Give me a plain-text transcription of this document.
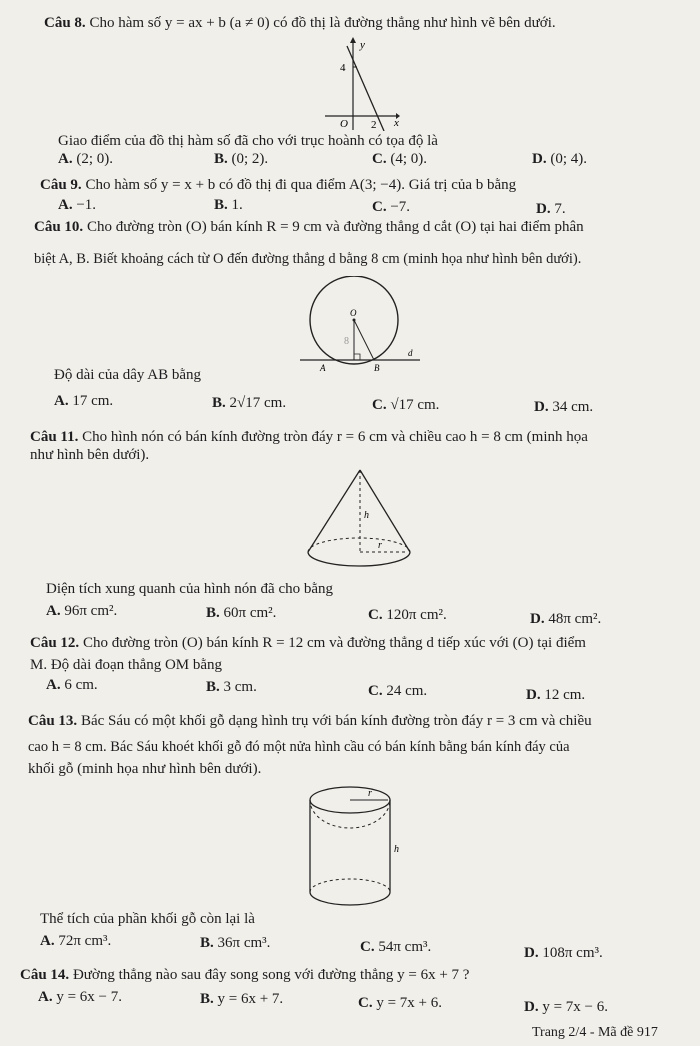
Câu 8. Cho hàm số y = ax + b (a ≠ 0) có đồ thị là đường thẳng như hình vẽ bên dưới.
y
4
O 2 x
Giao điểm của đồ thị hàm số đã cho với trục hoành có tọa độ là
A. (2; 0).	B. (0; 2).	C. (4; 0).	D. (0; 4).
Câu 9. Cho hàm số y = x + b có đồ thị đi qua điểm A(3; −4). Giá trị của b bằng
A. −1.	B. 1.	C. −7.	D. 7.
Câu 10. Cho đường tròn (O) bán kính R = 9 cm và đường thẳng d cắt (O) tại hai điểm phân
biệt A, B. Biết khoảng cách từ O đến đường thẳng d bằng 8 cm (minh họa như hình bên dưới).
O
8
A	B
d
Độ dài của dây AB bằng
A. 17 cm.	B. 2√17 cm.	C. √17 cm.	D. 34 cm.
Câu 11. Cho hình nón có bán kính đường tròn đáy r = 6 cm và chiều cao h = 8 cm (minh họa
như hình bên dưới).
h
r
Diện tích xung quanh của hình nón đã cho bằng
A. 96π cm².	B. 60π cm².	C. 120π cm².	D. 48π cm².
Câu 12. Cho đường tròn (O) bán kính R = 12 cm và đường thẳng d tiếp xúc với (O) tại điểm
M. Độ dài đoạn thẳng OM bằng
A. 6 cm.	B. 3 cm.	C. 24 cm.	D. 12 cm.
Câu 13. Bác Sáu có một khối gỗ dạng hình trụ với bán kính đường tròn đáy r = 3 cm và chiều
cao h = 8 cm. Bác Sáu khoét khối gỗ đó một nửa hình cầu có bán kính bằng bán kính đáy của
khối gỗ (minh họa như hình bên dưới).
r
h
Thể tích của phần khối gỗ còn lại là
A. 72π cm³.	B. 36π cm³.	C. 54π cm³.	D. 108π cm³.
Câu 14. Đường thẳng nào sau đây song song với đường thẳng y = 6x + 7 ?
A. y = 6x − 7.	B. y = 6x + 7.	C. y = 7x + 6.	D. y = 7x − 6.
Trang 2/4 - Mã đề 917
